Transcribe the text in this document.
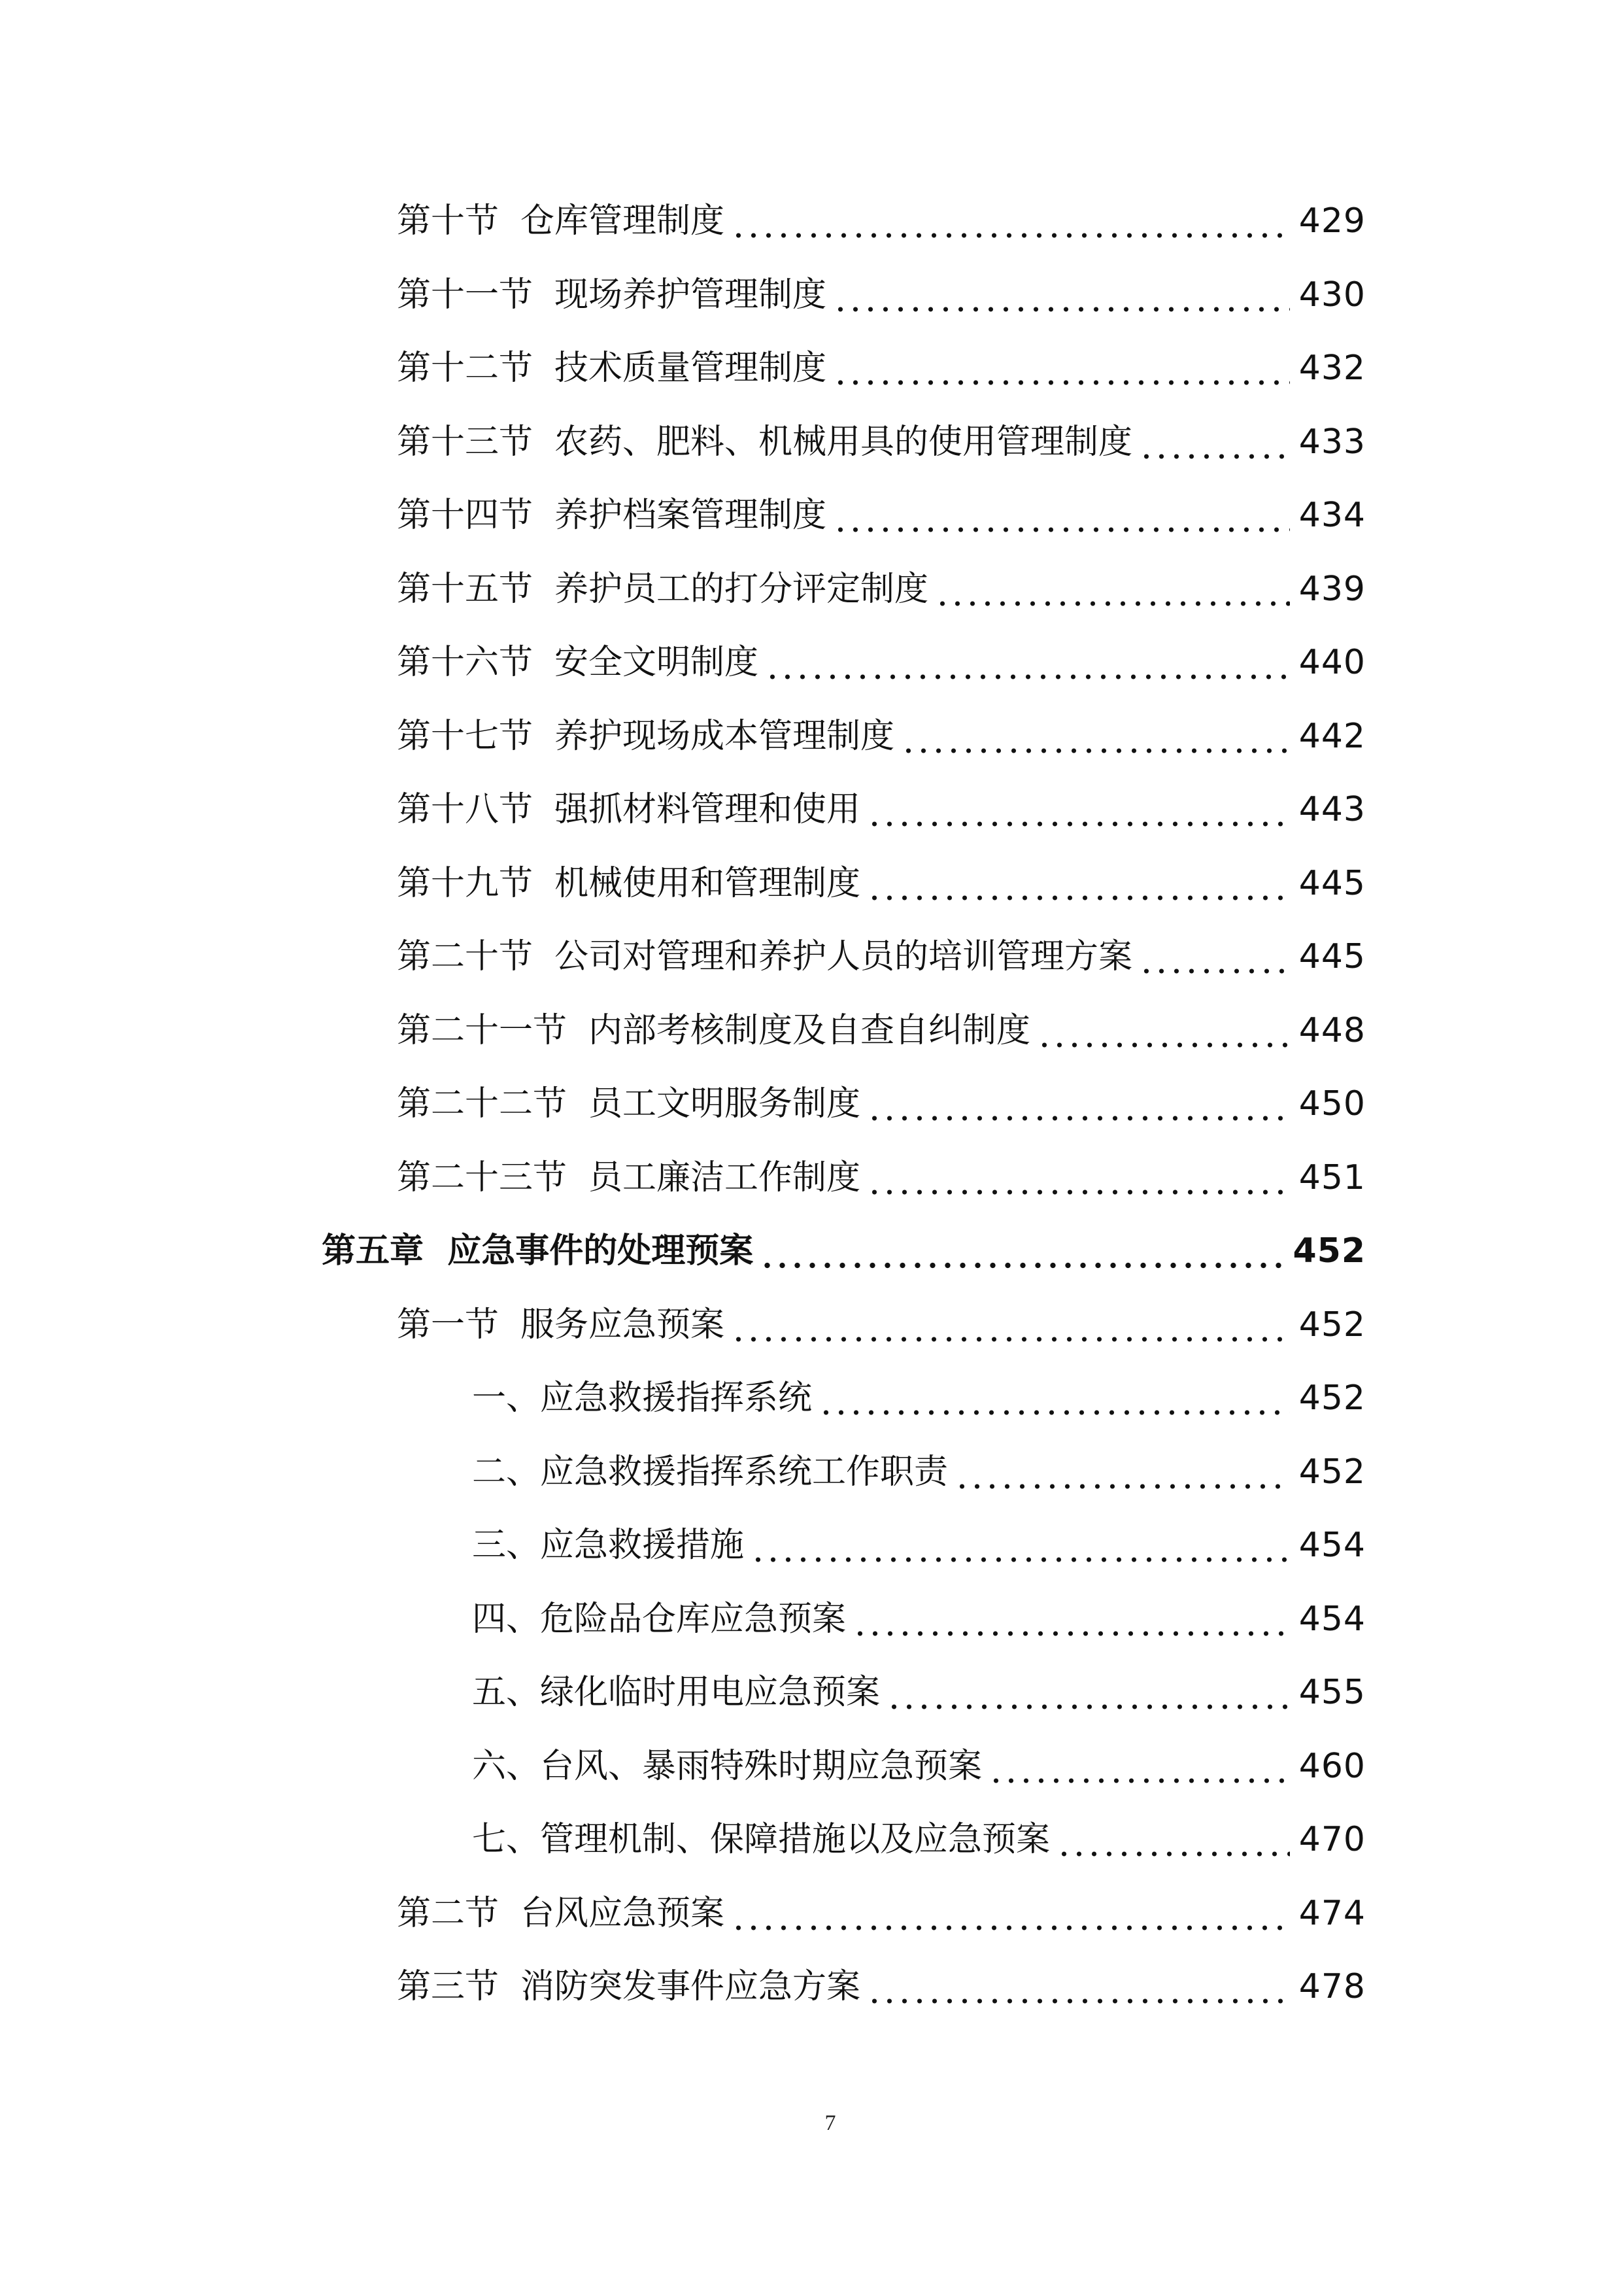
第十节  仓库管理制度	429
第十一节  现场养护管理制度	430
第十二节  技术质量管理制度	432
第十三节  农药、肥料、机械用具的使用管理制度	433
第十四节  养护档案管理制度	434
第十五节  养护员工的打分评定制度	439
第十六节  安全文明制度	440
第十七节  养护现场成本管理制度	442
第十八节  强抓材料管理和使用	443
第十九节  机械使用和管理制度	445
第二十节  公司对管理和养护人员的培训管理方案	445
第二十一节  内部考核制度及自查自纠制度	448
第二十二节  员工文明服务制度	450
第二十三节  员工廉洁工作制度	451
第五章  应急事件的处理预案	452
第一节  服务应急预案	452
一、应急救援指挥系统	452
二、应急救援指挥系统工作职责	452
三、应急救援措施	454
四、危险品仓库应急预案	454
五、绿化临时用电应急预案	455
六、台风、暴雨特殊时期应急预案	460
七、管理机制、保障措施以及应急预案	470
第二节  台风应急预案	474
第三节  消防突发事件应急方案	478
7
